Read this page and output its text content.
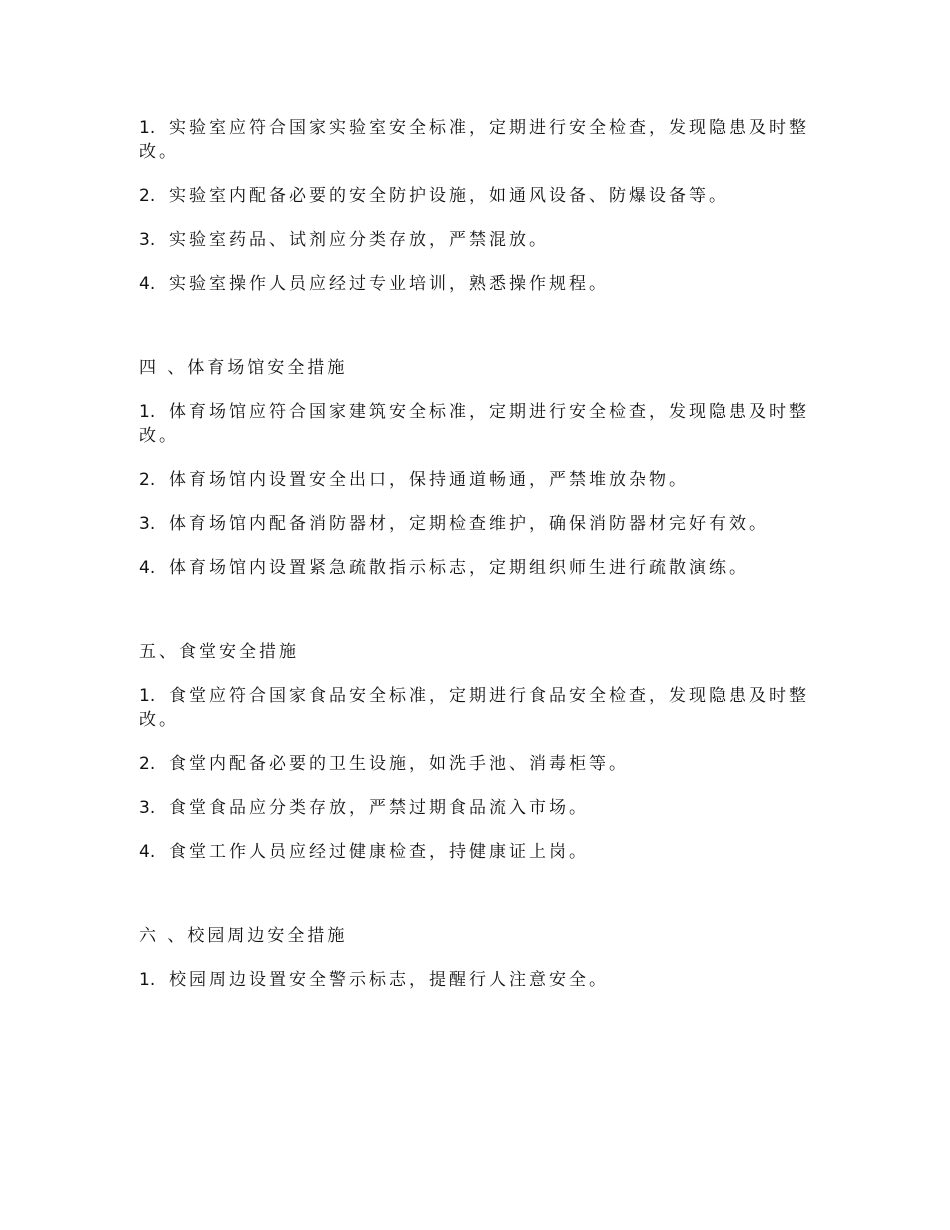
1. 实验室应符合国家实验室安全标准，定期进行安全检查，发现隐患及时整改。

2. 实验室内配备必要的安全防护设施，如通风设备、防爆设备等。

3. 实验室药品、试剂应分类存放，严禁混放。

4. 实验室操作人员应经过专业培训，熟悉操作规程。

四 、体育场馆安全措施

1. 体育场馆应符合国家建筑安全标准，定期进行安全检查，发现隐患及时整改。

2. 体育场馆内设置安全出口，保持通道畅通，严禁堆放杂物。

3. 体育场馆内配备消防器材，定期检查维护，确保消防器材完好有效。

4. 体育场馆内设置紧急疏散指示标志，定期组织师生进行疏散演练。

五、食堂安全措施

1. 食堂应符合国家食品安全标准，定期进行食品安全检查，发现隐患及时整改。

2. 食堂内配备必要的卫生设施，如洗手池、消毒柜等。

3. 食堂食品应分类存放，严禁过期食品流入市场。

4. 食堂工作人员应经过健康检查，持健康证上岗。

六 、校园周边安全措施

1. 校园周边设置安全警示标志，提醒行人注意安全。
